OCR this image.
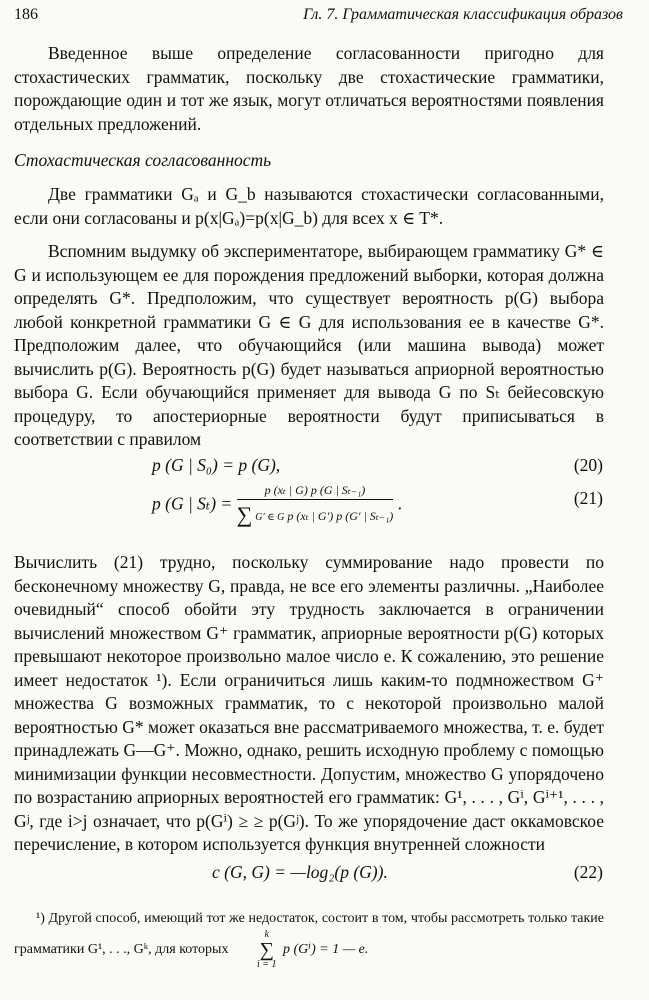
186	Гл. 7. Грамматическая классификация образов

Введенное выше определение согласованности пригодно для стохастических грамматик, поскольку две стохастические грамматики, порождающие один и тот же язык, могут отличаться вероятностями появления отдельных предложений.

Стохастическая согласованность

Две грамматики Gₐ и G_b называются стохастически согласованными, если они согласованы и p(x|Gₐ)=p(x|G_b) для всех x ∈ T*.

Вспомним выдумку об экспериментаторе, выбирающем грамматику G* ∈ G и использующем ее для порождения предложений выборки, которая должна определять G*. Предположим, что существует вероятность p(G) выбора любой конкретной грамматики G ∈ G для использования ее в качестве G*. Предположим далее, что обучающийся (или машина вывода) может вычислить p(G). Вероятность p(G) будет называться априорной вероятностью выбора G. Если обучающийся применяет для вывода G по Sₜ бейесовскую процедуру, то апостериорные вероятности будут приписываться в соответствии с правилом

p (G | S₀) = p (G),	(20)
p (G | $S_t) = \frac{\text{p (xₜ | G) p (G | Sₜ₋₁)}}{\text{∑ G′ ∈ G p (xₜ | G′) p (G′ | Sₜ₋₁)}}$ .	(21)

Вычислить (21) трудно, поскольку суммирование надо провести по бесконечному множеству G, правда, не все его элементы различны. „Наиболее очевидный“ способ обойти эту трудность заключается в ограничении вычислений множеством G⁺ грамматик, априорные вероятности p(G) которых превышают некоторое произвольно малое число e. К сожалению, это решение имеет недостаток ¹). Если ограничиться лишь каким-то подмножеством G⁺ множества G возможных грамматик, то с некоторой произвольно малой вероятностью G* может оказаться вне рассматриваемого множества, т. е. будет принадлежать G—G⁺. Можно, однако, решить исходную проблему с помощью минимизации функции несовместности. Допустим, множество G упорядочено по возрастанию априорных вероятностей его грамматик: G¹, . . . , Gⁱ, Gⁱ⁺¹, . . . , Gʲ, где i>j означает, что p(Gⁱ) ≥ ≥ p(Gʲ). То же упорядочение даст оккамовское перечисление, в котором используется функция внутренней сложности

c (G, G) = —log₂(p (G)).	(22)

¹) Другой способ, имеющий тот же недостаток, состоит в том, чтобы рассмотреть только такие грамматики G¹, . . ., Gᵏ, для которых
k
∑
i = 1
p (Gⁱ) = 1 — e.
